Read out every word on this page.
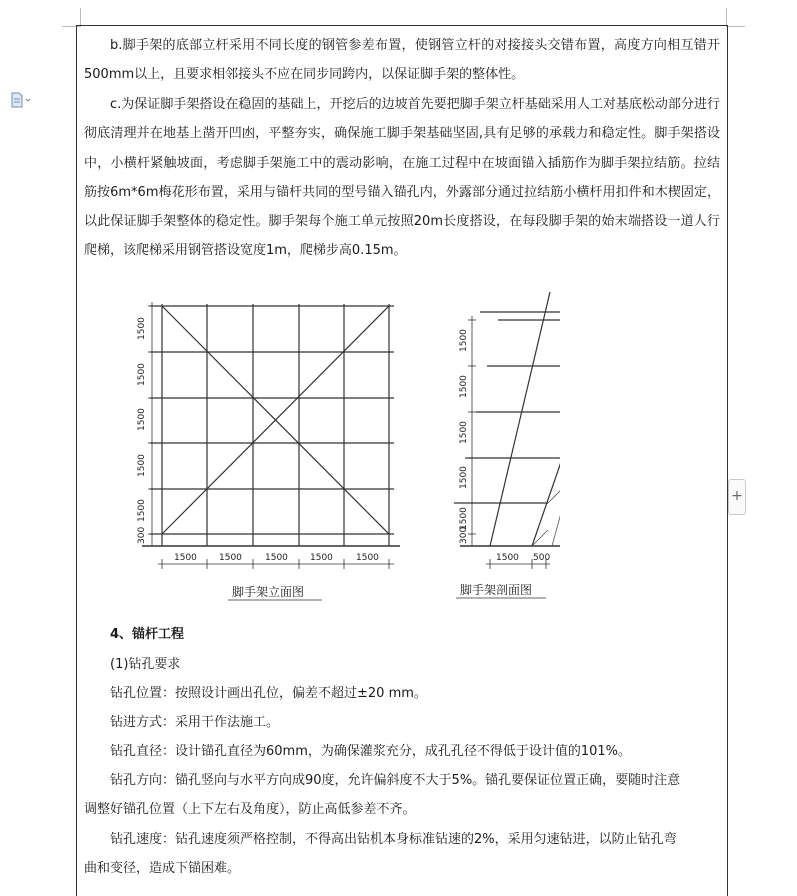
b.脚手架的底部立杆采用不同长度的钢管参差布置，使钢管立杆的对接接头交错布置，高度方向相互错开500mm以上，且要求相邻接头不应在同步同跨内，以保证脚手架的整体性。

c.为保证脚手架搭设在稳固的基础上，开挖后的边坡首先要把脚手架立杆基础采用人工对基底松动部分进行彻底清理并在地基上凿开凹凼，平整夯实，确保施工脚手架基础坚固,具有足够的承载力和稳定性。脚手架搭设中，小横杆紧触坡面，考虑脚手架施工中的震动影响，在施工过程中在坡面锚入插筋作为脚手架拉结筋。拉结筋按6m*6m梅花形布置，采用与锚杆共同的型号锚入锚孔内，外露部分通过拉结筋小横杆用扣件和木楔固定，以此保证脚手架整体的稳定性。脚手架每个施工单元按照20m长度搭设，在每段脚手架的始末端搭设一道人行爬梯，该爬梯采用钢管搭设宽度1m，爬梯步高0.15m。

1500
1500
1500
1500
1500
300
1500 1500	1500 1500	1500
脚手架立面图
1500
1500
1500
1500
1500
300
1500 500
脚手架剖面图
4、锚杆工程
(1)钻孔要求
钻孔位置：按照设计画出孔位，偏差不超过±20 mm。
钻进方式：采用干作法施工。
钻孔直径：设计锚孔直径为60mm，为确保灌浆充分，成孔孔径不得低于设计值的101%。
钻孔方向：锚孔竖向与水平方向成90度，允许偏斜度不大于5%。锚孔要保证位置正确，要随时注意
调整好锚孔位置（上下左右及角度），防止高低参差不齐。
钻孔速度：钻孔速度须严格控制，不得高出钻机本身标准钻速的2%，采用匀速钻进，以防止钻孔弯
曲和变径，造成下锚困难。
+
